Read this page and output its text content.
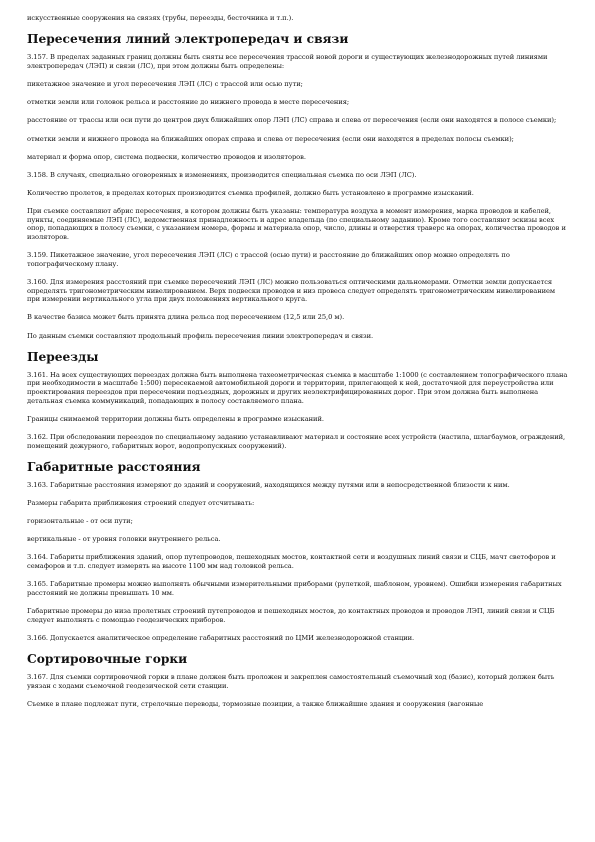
искусственные сооружения на связях (трубы, переезды, бесточника и т.п.).

Пересечения линий электропередач и связи

3.157. В пределах заданных границ должны быть сняты все пересечения трассой новой дороги и существующих железнодорожных путей линиями электропередач (ЛЭП) и связи (ЛС), при этом должны быть определены:

пикетажное значение и угол пересечения ЛЭП (ЛС) с трассой или осью пути;

отметки земли или головок рельса и расстояние до нижнего провода в месте пересечения;

расстояние от трассы или оси пути до центров двух ближайших опор ЛЭП (ЛС) справа и слева от пересечения (если они находятся в полосе съемки);

отметки земли и нижнего провода на ближайших опорах справа и слева от пересечения (если они находятся в пределах полосы съемки);

материал и форма опор, система подвески, количество проводов и изоляторов.

3.158. В случаях, специально оговоренных в изменениях, производится специальная съемка по оси ЛЭП (ЛС).

Количество пролетов, в пределах которых производится съемка профилей, должно быть установлено в программе изысканий.

При съемке составляют абрис пересечения, в котором должны быть указаны: температура воздуха в момент измерения, марка проводов и кабелей, пункты, соединяемые ЛЭП (ЛС), ведомственная принадлежность и адрес владельца (по специальному заданию). Кроме того составляют эскизы всех опор, попадающих в полосу съемки, с указанием номера, формы и материала опор, число, длины и отверстия траверс на опорах, количества проводов и изоляторов.

3.159. Пикетажное значение, угол пересечения ЛЭП (ЛС) с трассой (осью пути) и расстояние до ближайших опор можно определять по топографическому плану.

3.160. Для измерения расстояний при съемке пересечений ЛЭП (ЛС) можно пользоваться оптическими дальномерами. Отметки земли допускается определять тригонометрическим нивелированием. Верх подвески проводов и низ провеса следует определять тригонометрическим нивелированием при измерении вертикального угла при двух положениях вертикального круга.

В качестве базиса может быть принята длина рельса под пересечением (12,5 или 25,0 м).

По данным съемки составляют продольный профиль пересечения линии электропередач и связи.

Переезды

3.161. На всех существующих переездах должна быть выполнена тахеометрическая съемка в масштабе 1:1000 (с составлением топографического плана при необходимости в масштабе 1:500) пересекаемой автомобильной дороги и территории, прилегающей к ней, достаточной для переустройства или проектирования переездов при пересечении подъездных, дорожных и других неэлектрифицированных дорог. При этом должна быть выполнена детальная съемка коммуникаций, попадающих в полосу составляемого плана.

Границы снимаемой территории должны быть определены в программе изысканий.

3.162. При обследовании переездов по специальному заданию устанавливают материал и состояние всех устройств (настила, шлагбаумов, ограждений, помещений дежурного, габаритных ворот, водопропускных сооружений).

Габаритные расстояния

3.163. Габаритные расстояния измеряют до зданий и сооружений, находящихся между путями или в непосредственной близости к ним.

Размеры габарита приближения строений следует отсчитывать:

горизонтальные - от оси пути;

вертикальные - от уровня головки внутреннего рельса.

3.164. Габариты приближения зданий, опор путепроводов, пешеходных мостов, контактной сети и воздушных линий связи и СЦБ, мачт светофоров и семафоров и т.п. следует измерять на высоте 1100 мм над головкой рельса.

3.165. Габаритные промеры можно выполнять обычными измерительными приборами (рулеткой, шаблоном, уровнем). Ошибки измерения габаритных расстояний не должны превышать 10 мм.

Габаритные промеры до низа пролетных строений путепроводов и пешеходных мостов, до контактных проводов и проводов ЛЭП, линий связи и СЦБ следует выполнять с помощью геодезических приборов.

3.166. Допускается аналитическое определение габаритных расстояний по ЦМИ железнодорожной станции.

Сортировочные горки

3.167. Для съемки сортировочной горки в плане должен быть проложен и закреплен самостоятельный съемочный ход (базис), который должен быть увязан с ходами съемочной геодезической сети станции.

Съемке в плане подлежат пути, стрелочные переводы, тормозные позиции, а также ближайшие здания и сооружения (вагонные
